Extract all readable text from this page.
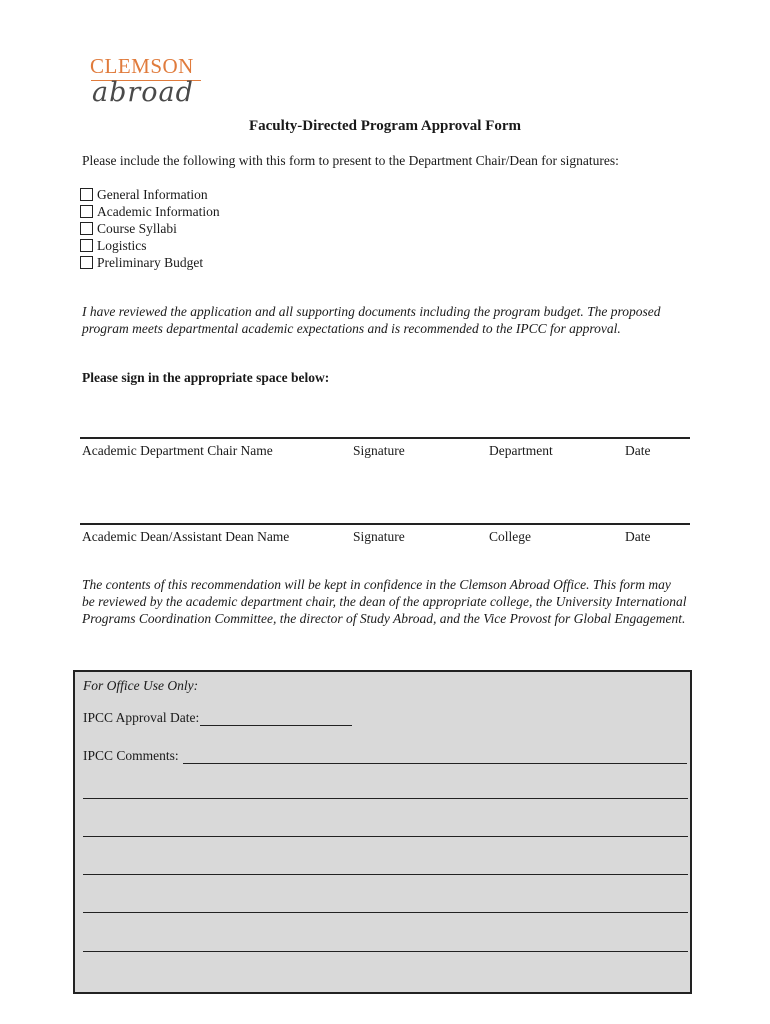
CLEMSON
abroad
Faculty-Directed Program Approval Form
Please include the following with this form to present to the Department Chair/Dean for signatures:
General Information
Academic Information
Course Syllabi
Logistics
Preliminary Budget
I have reviewed the application and all supporting documents including the program budget. The proposed program meets departmental academic expectations and is recommended to the IPCC for approval.
Please sign in the appropriate space below:
Academic Department Chair Name	Signature	Department	Date
Academic Dean/Assistant Dean Name	Signature	College	Date
The contents of this recommendation will be kept in confidence in the Clemson Abroad Office. This form may be reviewed by the academic department chair, the dean of the appropriate college, the University International Programs Coordination Committee, the director of Study Abroad, and the Vice Provost for Global Engagement.
For Office Use Only:
IPCC Approval Date:
IPCC Comments:
